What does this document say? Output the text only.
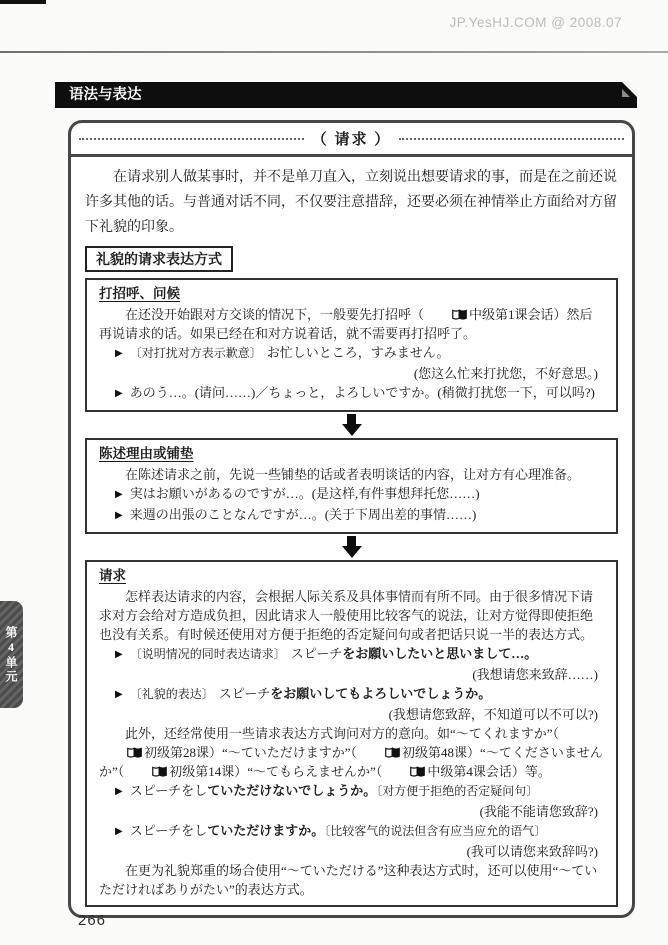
JP.YesHJ.COM @ 2008.07
语法与表达
（ 请求 ）

在请求别人做某事时，并不是单刀直入，立刻说出想要请求的事，而是在之前还说许多其他的话。与普通对话不同，不仅要注意措辞，还要必须在神情举止方面给对方留下礼貌的印象。

礼貌的请求表达方式
打招呼、问候

在还没开始跟对方交谈的情况下，一般要先打招呼（	中级第1课会话）然后再说请求的话。如果已经在和对方说着话，就不需要再打招呼了。

▶ 〔对打扰对方表示歉意〕 お忙しいところ，すみません。

(您这么忙来打扰您，不好意思。)

▶ あのう…。(请问……)／ちょっと，よろしいですか。(稍微打扰您一下，可以吗?)

陈述理由或铺垫

在陈述请求之前，先说一些铺垫的话或者表明谈话的内容，让对方有心理准备。

▶ 実はお願いがあるのですが…。(是这样,有件事想拜托您……)

▶ 来週の出張のことなんですが…。(关于下周出差的事情……)

请求

怎样表达请求的内容，会根据人际关系及具体事情而有所不同。由于很多情况下请求对方会给对方造成负担，因此请求人一般使用比较客气的说法，让对方觉得即使拒绝也没有关系。有时候还使用对方便于拒绝的否定疑问句或者把话只说一半的表达方式。

▶ 〔说明情况的同时表达请求〕 スピーチをお願いしたいと思いまして…。

(我想请您来致辞……)

▶ 〔礼貌的表达〕 スピーチをお願いしてもよろしいでしょうか。

(我想请您致辞，不知道可以不可以?)

此外，还经常使用一些请求表达方式询问对方的意向。如“～てくれますか”（初级第28课）“～ていただけますか”（	初级第48课）“～てくださいませんか”（	初级第14课）“～てもらえませんか”（	中级第4课会话）等。

▶ スピーチをしていただけないでしょうか。〔对方便于拒绝的否定疑问句〕

(我能不能请您致辞?)

▶ スピーチをしていただけますか。〔比较客气的说法但含有应当应允的语气〕

(我可以请您来致辞吗?)

在更为礼貌郑重的场合使用“～ていただける”这种表达方式时，还可以使用“～ていただければありがたい”的表达方式。

第4单元
266
